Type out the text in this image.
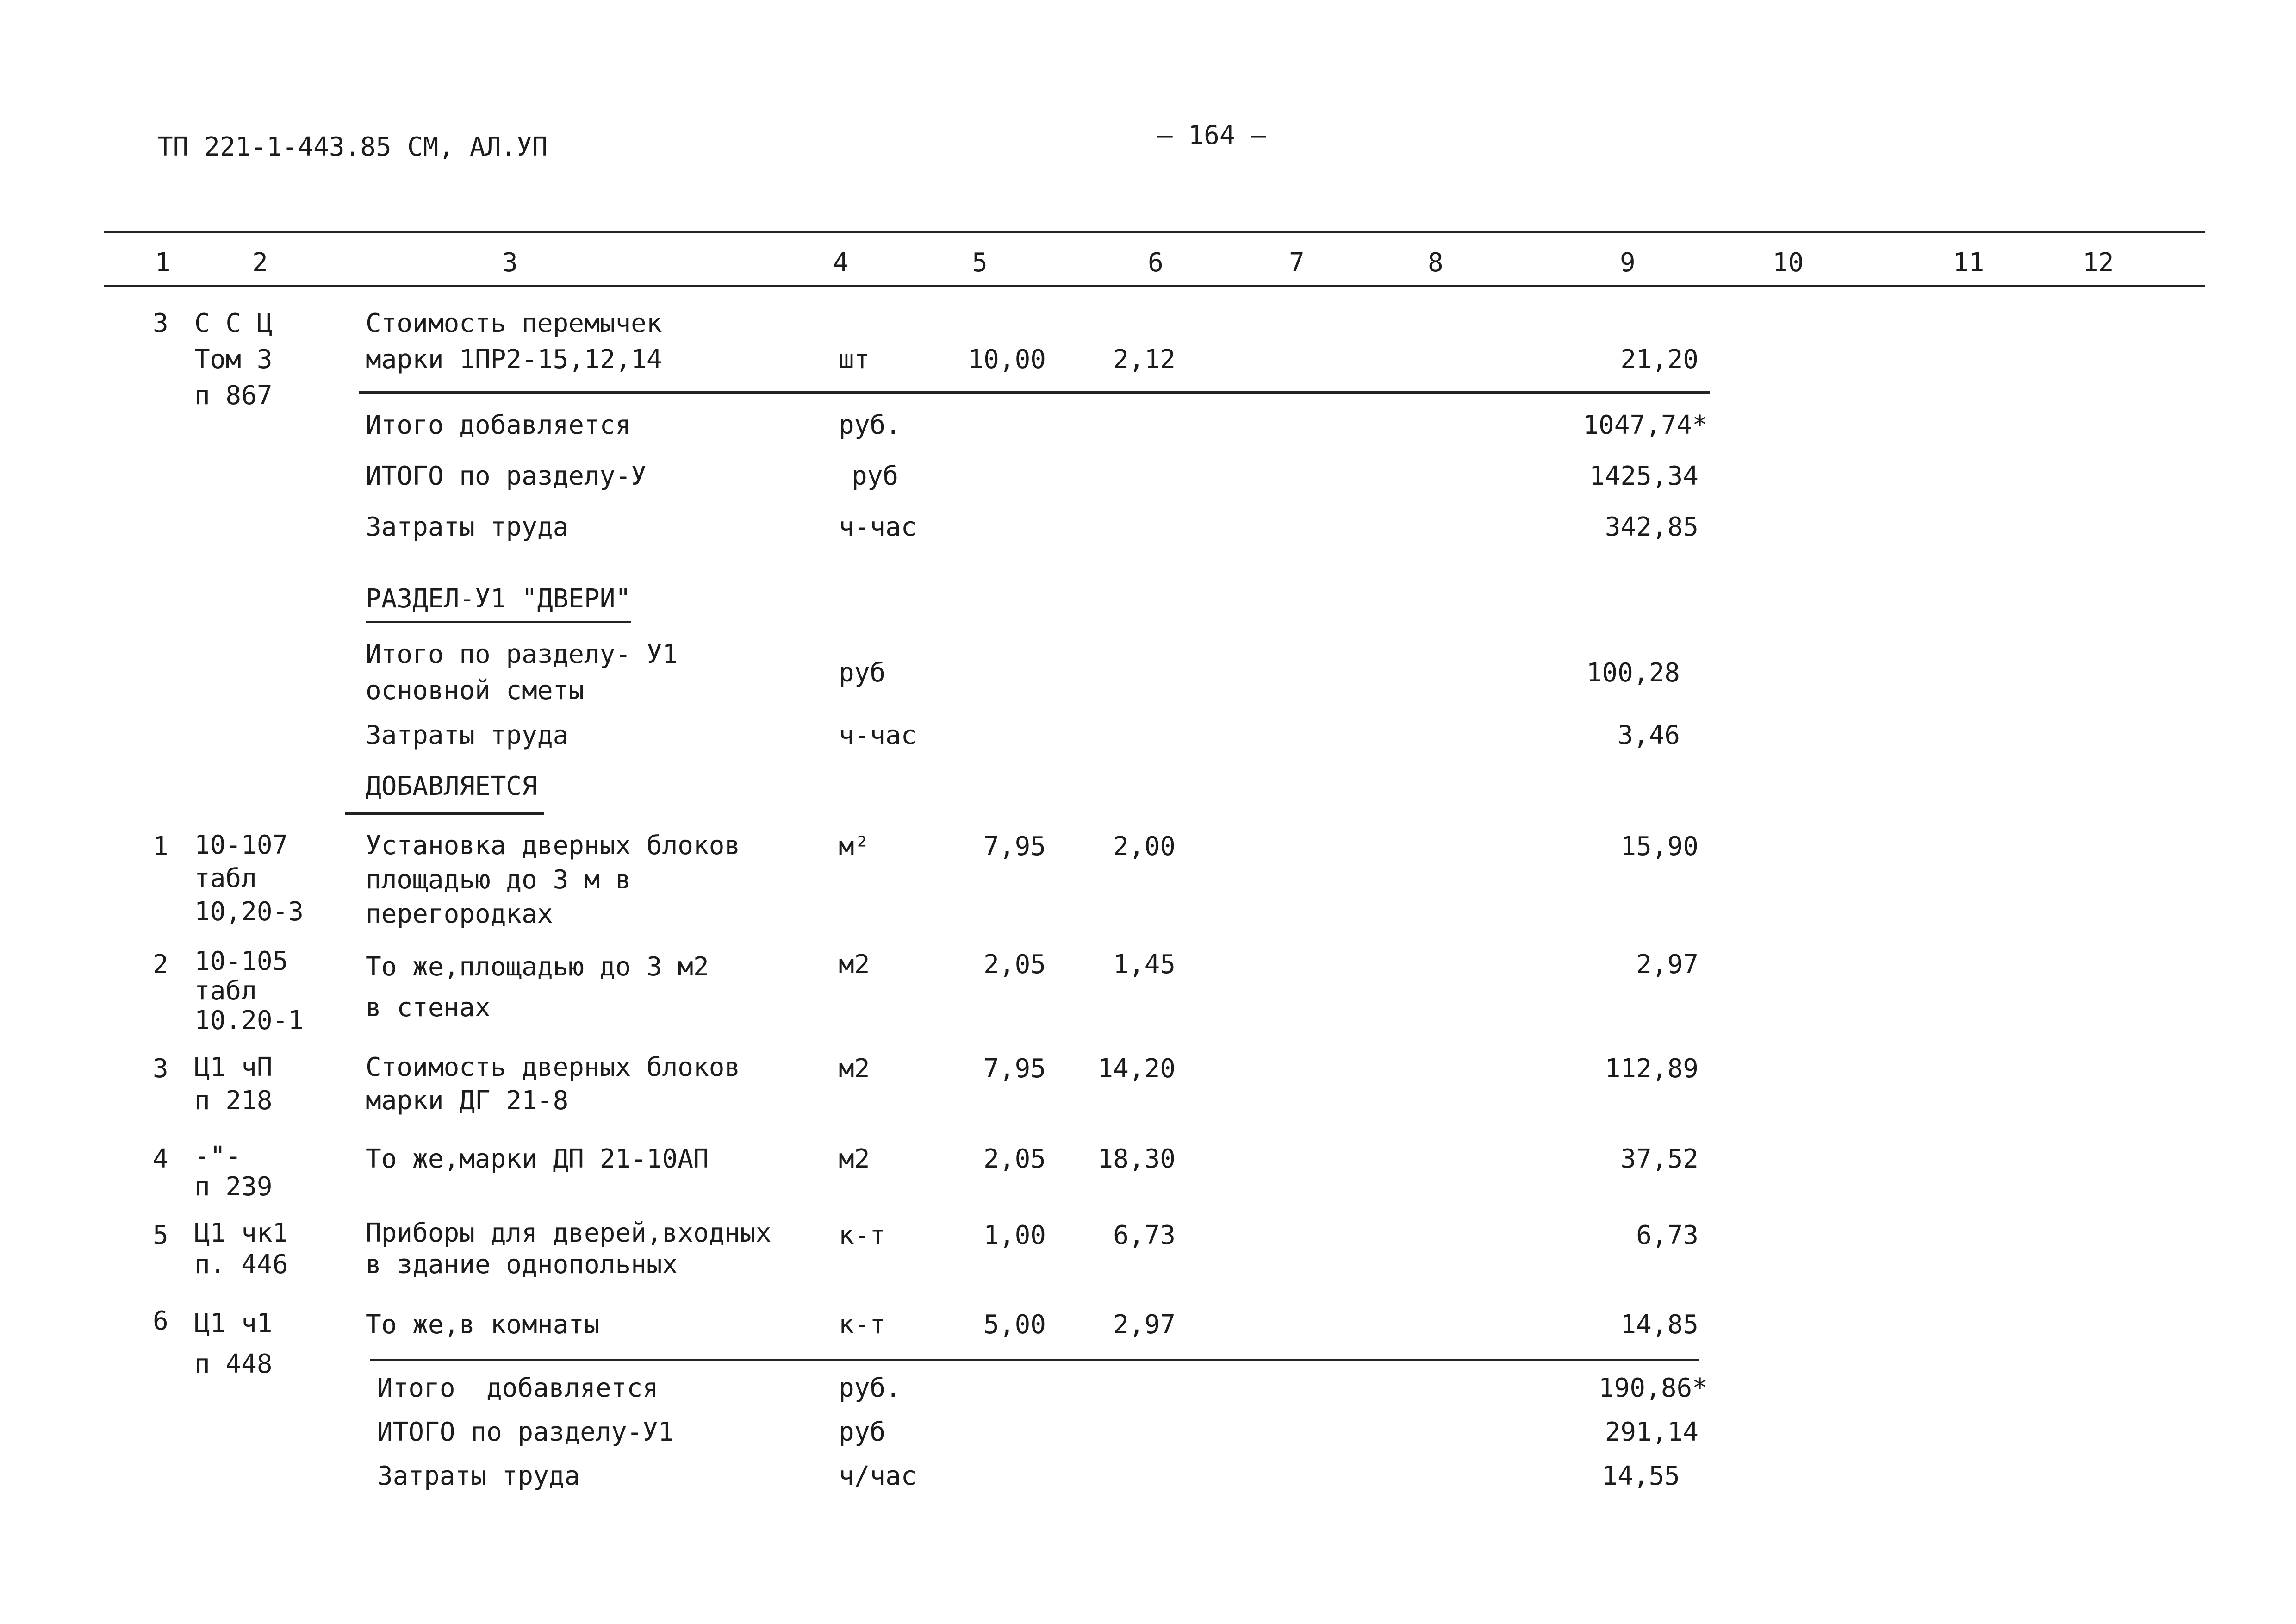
ТП 221-1-443.85 СМ, АЛ.УП	– 164 –
1	2	3	4	5	6	7	8	9	10	11	12
3 С С Ц
Том 3
п 867
Стоимость перемычек
марки 1ПР2-15,12,14	шт	10,00	2,12	21,20
Итого добавляется	руб.	1047,74*
ИТОГО по разделу-У	руб	1425,34
Затраты труда	ч-час	342,85
РАЗДЕЛ-У1 "ДВЕРИ"
Итого по разделу- У1
основной сметы
руб	100,28
Затраты труда	ч-час	3,46
ДОБАВЛЯЕТСЯ
1 10-107
табл
10,20-3
Установка дверных блоков
площадью до 3 м в
перегородках
м²	7,95	2,00	15,90
2 10-105
табл
10.20-1
То же,площадью до 3 м2
в стенах
м2	2,05	1,45	2,97
3 Ц1 чП
п 218
Стоимость дверных блоков
марки ДГ 21-8
м2	7,95	14,20	112,89
4 -"-
п 239
То же,марки ДП 21-10АП	м2	2,05	18,30	37,52
5 Ц1 чк1
п. 446
Приборы для дверей,входных
в здание однопольных
к-т	1,00	6,73	6,73
6 Ц1 ч1
п 448
То же,в комнаты	к-т	5,00	2,97	14,85
Итого  добавляется	руб.	190,86*
ИТОГО по разделу-У1	руб	291,14
Затраты труда	ч/час	14,55
